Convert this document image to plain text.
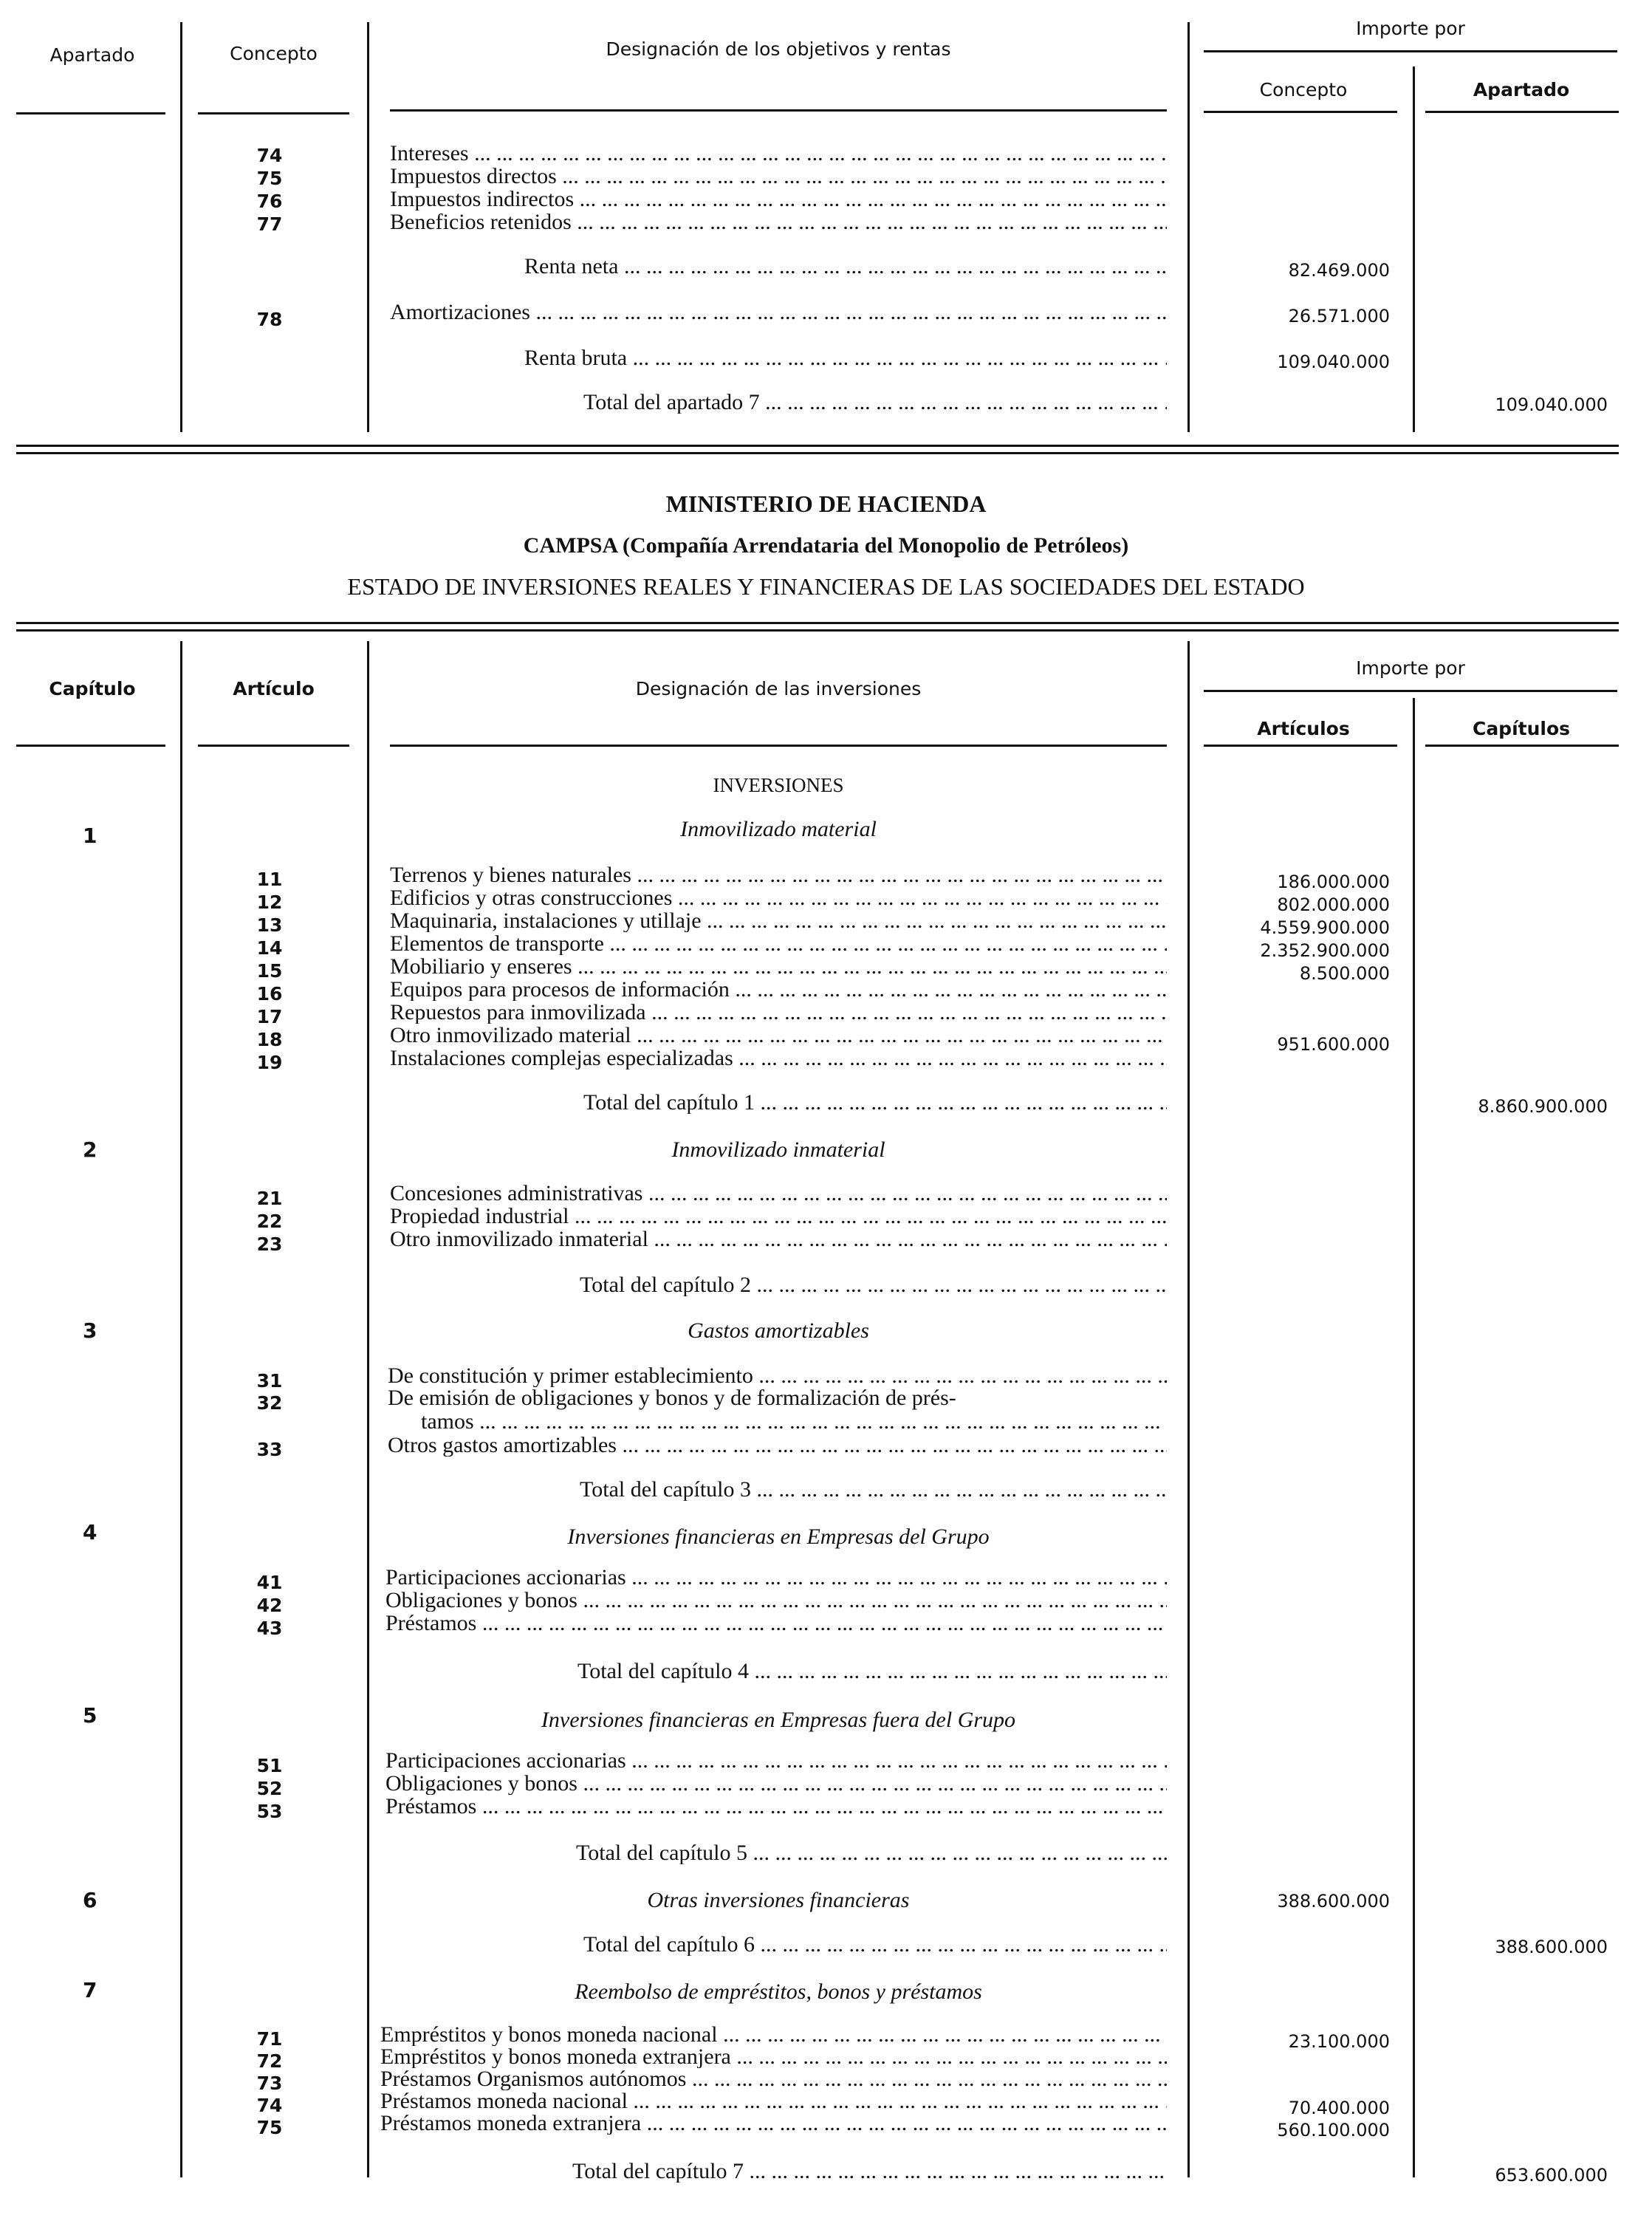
Apartado	Concepto	Designación de los objetivos y rentas
Importe por
Concepto	Apartado
74	Intereses ... .
75	Impuestos directos ... .
76	Impuestos indirectos ... .
77	Beneficios retenidos ... .
Renta neta ... .	82.469.000
78	Amortizaciones ... .	26.571.000
Renta bruta ... .	109.040.000
Total del apartado 7 ... .	109.040.000
MINISTERIO DE HACIENDA
CAMPSA (Compañía Arrendataria del Monopolio de Petróleos)
ESTADO DE INVERSIONES REALES Y FINANCIERAS DE LAS SOCIEDADES DEL ESTADO
Capítulo	Artículo	Designación de las inversiones
Importe por
Artículos	Capítulos
INVERSIONES
1	Inmovilizado material
11	Terrenos y bienes naturales ... .	186.000.000
12	Edificios y otras construcciones ... .	802.000.000
13	Maquinaria, instalaciones y utillaje ... .	4.559.900.000
14	Elementos de transporte ... .	2.352.900.000
15	Mobiliario y enseres ... .	8.500.000
16	Equipos para procesos de información ... .
17	Repuestos para inmovilizada ... .
18	Otro inmovilizado material ... .	951.600.000
19	Instalaciones complejas especializadas ... .
Total del capítulo 1 ... .	8.860.900.000
2	Inmovilizado inmaterial
21	Concesiones administrativas ... .
22	Propiedad industrial ... .
23	Otro inmovilizado inmaterial ... .
Total del capítulo 2 ... .
3	Gastos amortizables
31	De constitución y primer establecimiento ... .
32	De emisión de obligaciones y bonos y de formalización de prés-
tamos ... .
33	Otros gastos amortizables ... .
Total del capítulo 3 ... .
4	Inversiones financieras en Empresas del Grupo
41	Participaciones accionarias ... .
42	Obligaciones y bonos ... .
43	Préstamos ... .
Total del capítulo 4 ... .
5	Inversiones financieras en Empresas fuera del Grupo
51	Participaciones accionarias ... .
52	Obligaciones y bonos ... .
53	Préstamos ... .
Total del capítulo 5 ... .
6	Otras inversiones financieras	388.600.000
Total del capítulo 6 ... .	388.600.000
7	Reembolso de empréstitos, bonos y préstamos
71	Empréstitos y bonos moneda nacional ... .	23.100.000
72	Empréstitos y bonos moneda extranjera ... .
73	Préstamos Organismos autónomos ... .
74	Préstamos moneda nacional ... .	70.400.000
75	Préstamos moneda extranjera ... .	560.100.000
Total del capítulo 7 ... .	653.600.000
